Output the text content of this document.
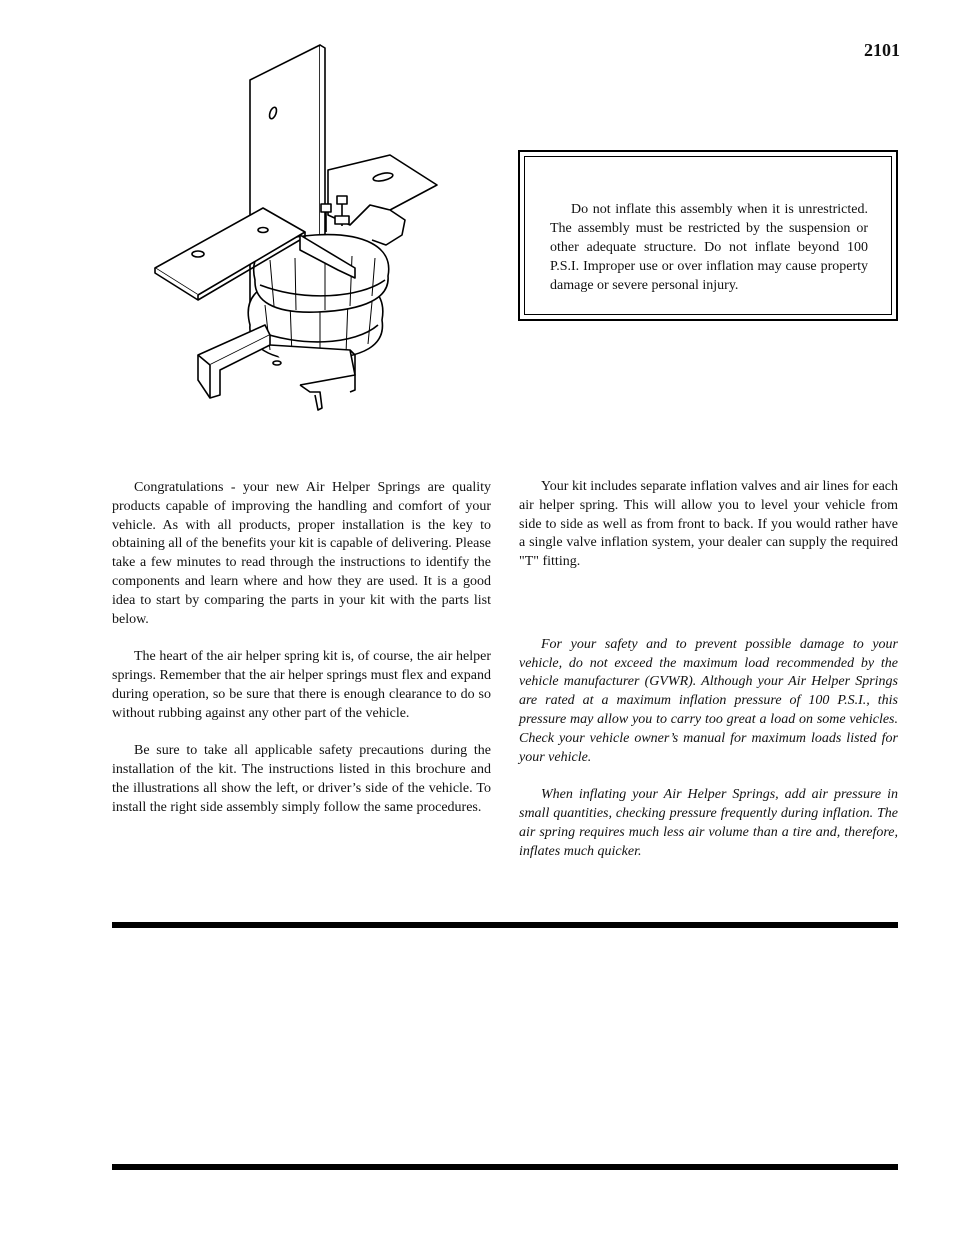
2101
Do not inflate this assembly when it is unrestricted. The assembly must be restricted by the suspension or other adequate structure. Do not inflate beyond 100 P.S.I. Improper use or over inflation may cause property damage or severe personal injury.

Congratulations - your new Air Helper Springs are quality products capable of improving the handling and comfort of your vehicle. As with all products, proper installation is the key to obtaining all of the benefits your kit is capable of delivering. Please take a few minutes to read through the instructions to identify the components and learn where and how they are used. It is a good idea to start by comparing the parts in your kit with the parts list below.

The heart of the air helper spring kit is, of course, the air helper springs. Remember that the air helper springs must flex and expand during operation, so be sure that there is enough clearance to do so without rubbing against any other part of the vehicle.

Be sure to take all applicable safety precautions during the installation of the kit. The instructions listed in this brochure and the illustrations all show the left, or driver’s side of the vehicle. To install the right side assembly simply follow the same procedures.

Your kit includes separate inflation valves and air lines for each air helper spring. This will allow you to level your vehicle from side to side as well as from front to back. If you would rather have a single valve inflation system, your dealer can supply the required "T" fitting.

For your safety and to prevent possible damage to your vehicle, do not exceed the maximum load recommended by the vehicle manufacturer (GVWR). Although your Air Helper Springs are rated at a maximum inflation pressure of 100 P.S.I., this pressure may allow you to carry too great a load on some vehicles. Check your vehicle owner’s manual for maximum loads listed for your vehicle.

When inflating your Air Helper Springs, add air pressure in small quantities, checking pressure frequently during inflation. The air spring requires much less air volume than a tire and, therefore, inflates much quicker.
